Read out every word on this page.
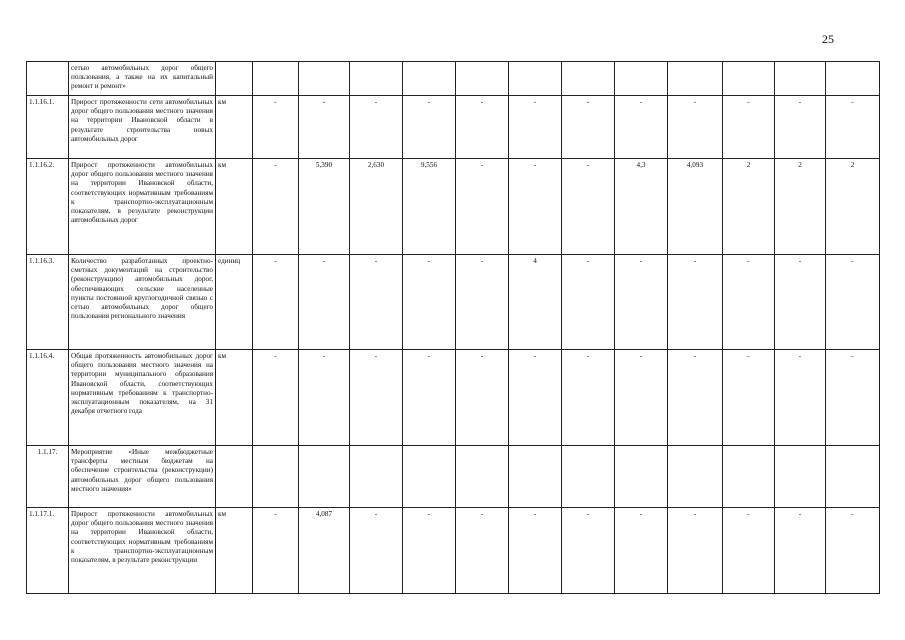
25
	сетью автомобильных дорог общего пользования, а также на их капитальный ремонт и ремонт»													
1.1.16.1.	Прирост протяженности сети автомобильных дорог общего пользования местного значения на территории Ивановской области в результате строительства новых автомобильных дорог	км	-	-	-	-	-	-	-	-	-	-	-	-
1.1.16.2.	Прирост протяженности автомобильных дорог общего пользования местного значения на территории Ивановской области, соответствующих нормативным требованиям к транспортно-эксплуатационным показателям, в результате реконструкции автомобильных дорог	км	-	5,390	2,630	9,556	-	-	-	4,3	4,093	2	2	2
1.1.16.3.	Количество разработанных проектно-сметных документаций на строительство (реконструкцию) автомобильных дорог, обеспечивающих сельские населенные пункты постоянной круглогодичной связью с сетью автомобильных дорог общего пользования регионального значения	единиц	-	-	-	-	-	4	-	-	-	-	-	-
1.1.16.4.	Общая протяженность автомобильных дорог общего пользования местного значения на территории муниципального образования Ивановской области, соответствующих нормативным требованиям к транспортно-эксплуатационным показателям, на 31 декабря отчетного года	км	-	-	-	-	-	-	-	-	-	-	-	-
1.1.17.	Мероприятие «Иные межбюджетные трансферты местным бюджетам на обеспечение строительства (реконструкции) автомобильных дорог общего пользования местного значения»													
1.1.17.1.	Прирост протяженности автомобильных дорог общего пользования местного значения на территории Ивановской области, соответствующих нормативным требованиям к транспортно-эксплуатационным показателям, в результате реконструкции	км	-	4,087	-	-	-	-	-	-	-	-	-	-
